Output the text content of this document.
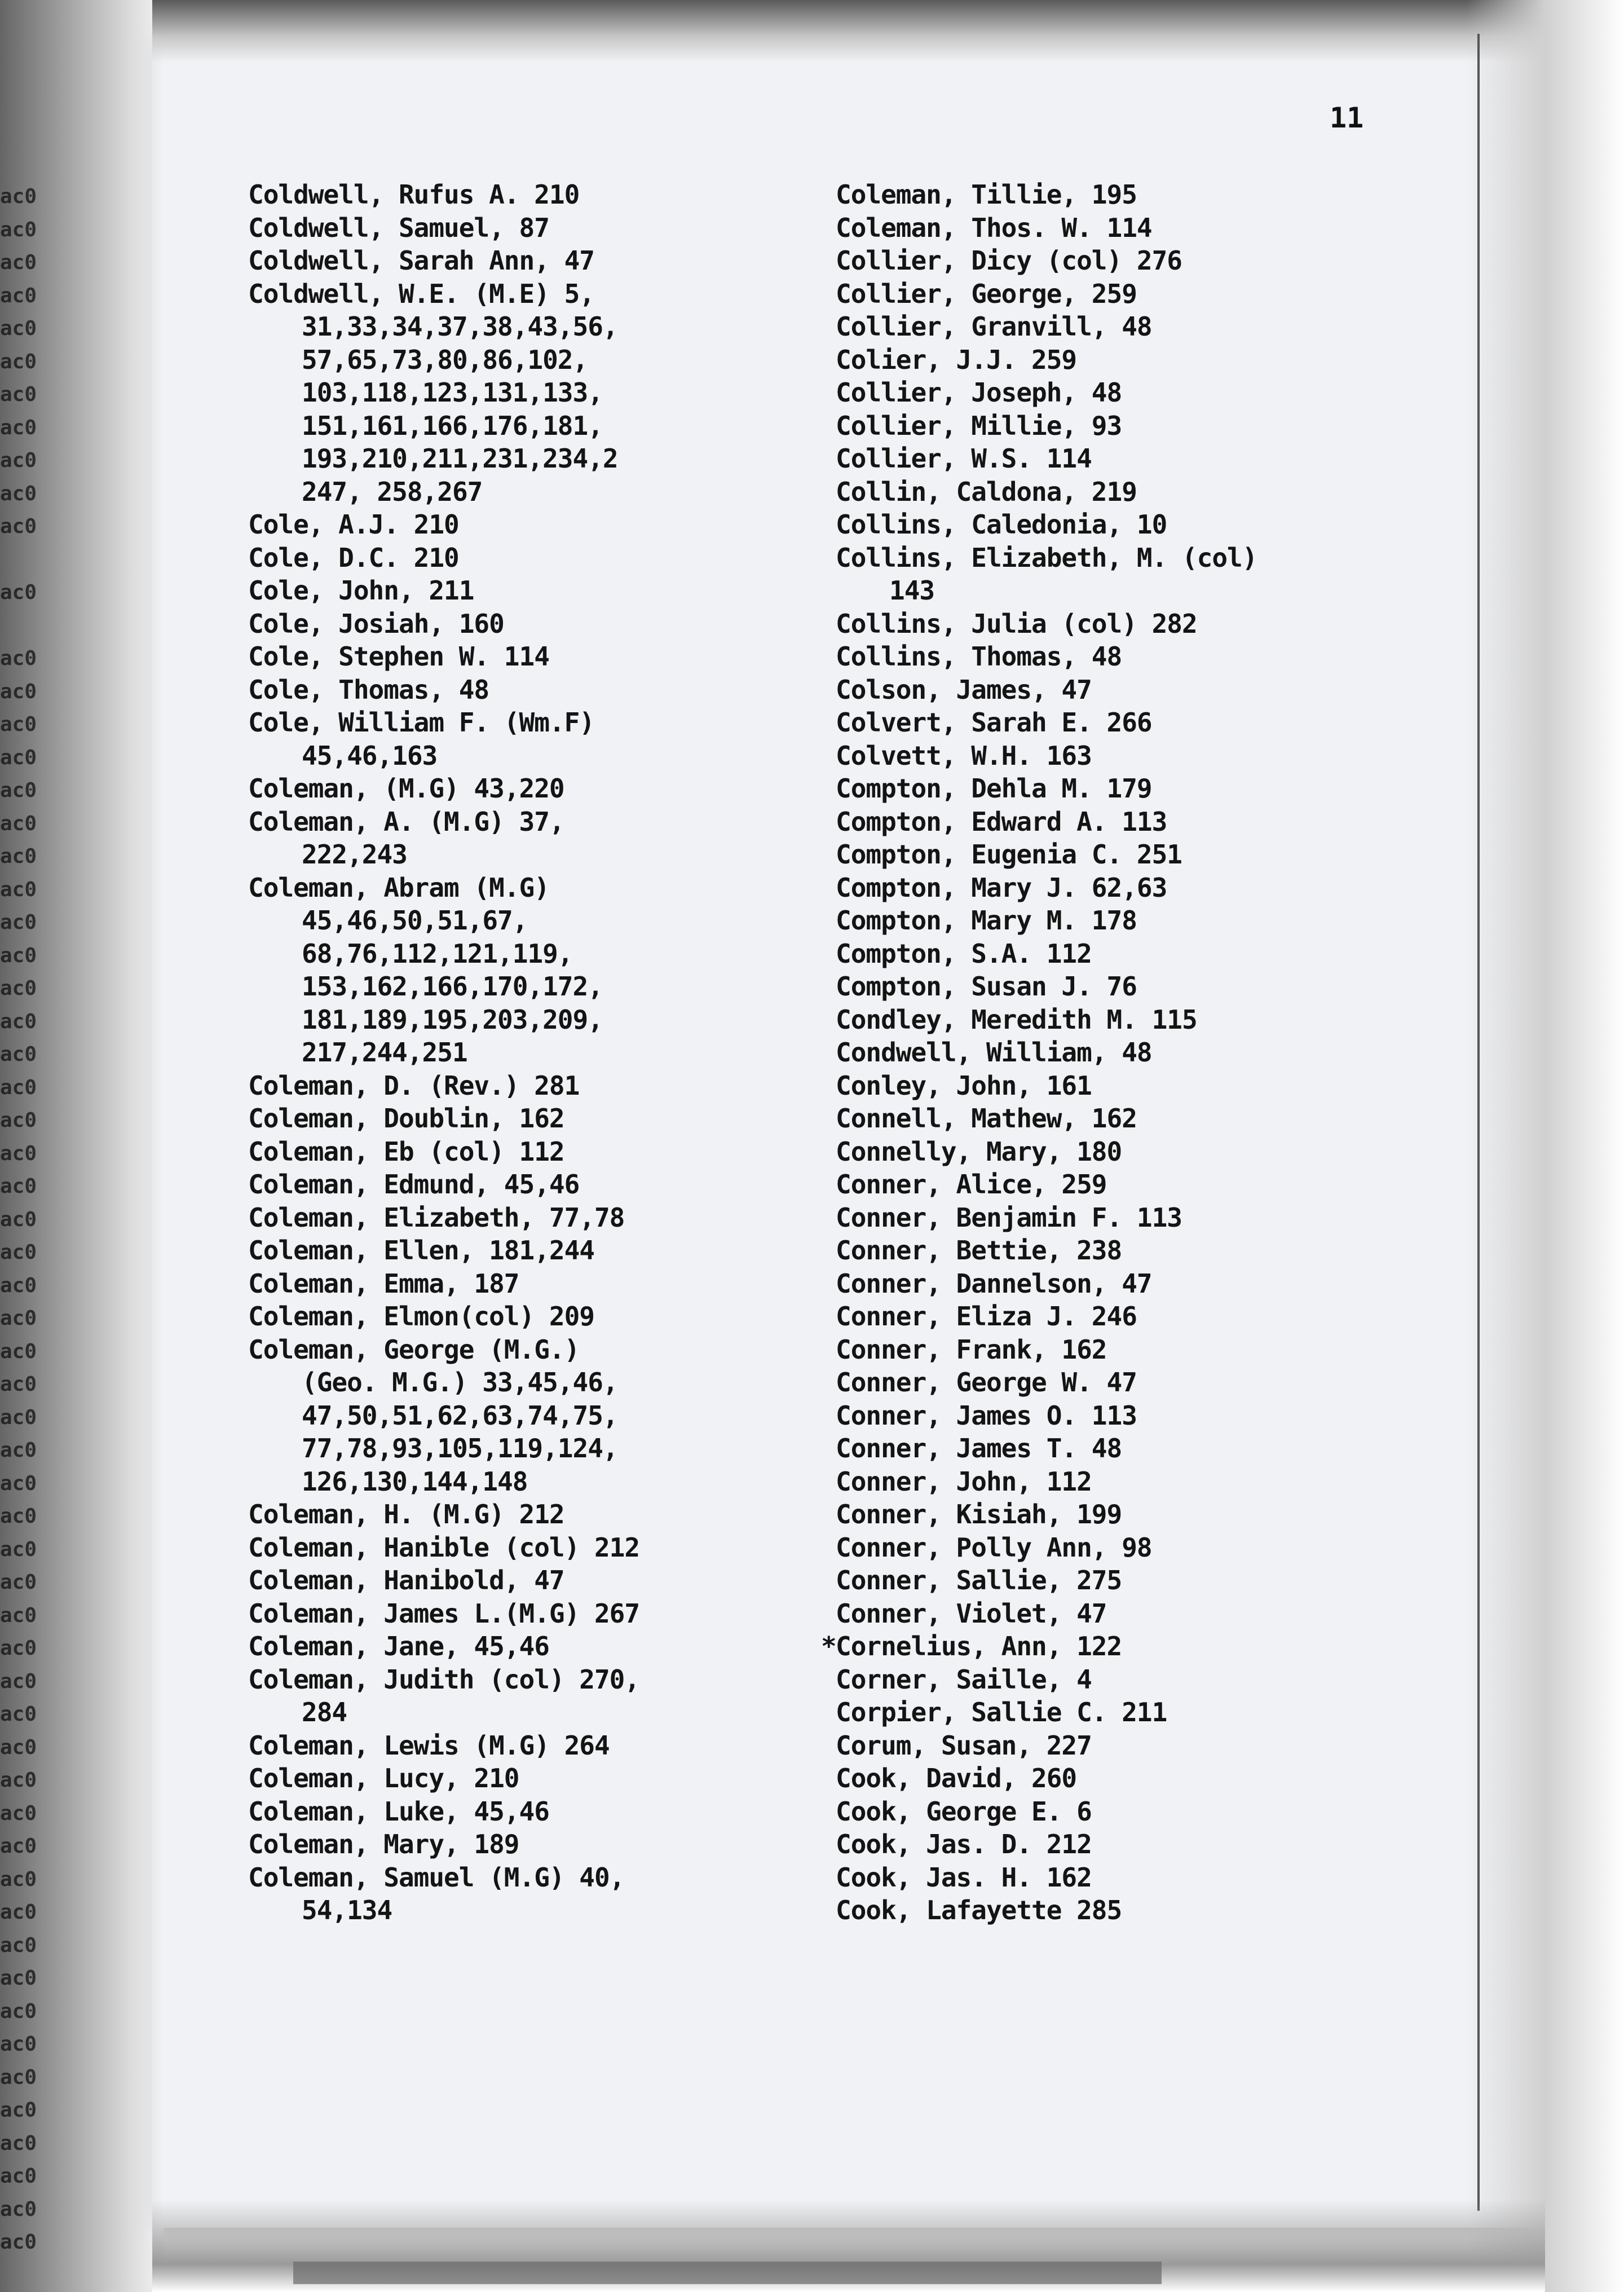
ac0
ac0
ac0
ac0
ac0
ac0
ac0
ac0
ac0
ac0
ac0
ac0
ac0
ac0
ac0
ac0
ac0
ac0
ac0
ac0
ac0
ac0
ac0
ac0
ac0
ac0
ac0
ac0
ac0
ac0
ac0
ac0
ac0
ac0
ac0
ac0
ac0
ac0
ac0
ac0
ac0
ac0
ac0
ac0
ac0
ac0
ac0
ac0
ac0
ac0
ac0
ac0
ac0
ac0
ac0
ac0
ac0
ac0
ac0
ac0
ac0
11
Coldwell, Rufus A. 210
Coldwell, Samuel, 87
Coldwell, Sarah Ann, 47
Coldwell, W.E. (M.E) 5,
31,33,34,37,38,43,56,
57,65,73,80,86,102,
103,118,123,131,133,
151,161,166,176,181,
193,210,211,231,234,2
247, 258,267
Cole, A.J. 210
Cole, D.C. 210
Cole, John, 211
Cole, Josiah, 160
Cole, Stephen W. 114
Cole, Thomas, 48
Cole, William F. (Wm.F)
45,46,163
Coleman, (M.G) 43,220
Coleman, A. (M.G) 37,
222,243
Coleman, Abram (M.G)
45,46,50,51,67,
68,76,112,121,119,
153,162,166,170,172,
181,189,195,203,209,
217,244,251
Coleman, D. (Rev.) 281
Coleman, Doublin, 162
Coleman, Eb (col) 112
Coleman, Edmund, 45,46
Coleman, Elizabeth, 77,78
Coleman, Ellen, 181,244
Coleman, Emma, 187
Coleman, Elmon(col) 209
Coleman, George (M.G.)
(Geo. M.G.) 33,45,46,
47,50,51,62,63,74,75,
77,78,93,105,119,124,
126,130,144,148
Coleman, H. (M.G) 212
Coleman, Hanible (col) 212
Coleman, Hanibold, 47
Coleman, James L.(M.G) 267
Coleman, Jane, 45,46
Coleman, Judith (col) 270,
284
Coleman, Lewis (M.G) 264
Coleman, Lucy, 210
Coleman, Luke, 45,46
Coleman, Mary, 189
Coleman, Samuel (M.G) 40,
54,134
Coleman, Tillie, 195
Coleman, Thos. W. 114
Collier, Dicy (col) 276
Collier, George, 259
Collier, Granvill, 48
Colier, J.J. 259
Collier, Joseph, 48
Collier, Millie, 93
Collier, W.S. 114
Collin, Caldona, 219
Collins, Caledonia, 10
Collins, Elizabeth, M. (col)
143
Collins, Julia (col) 282
Collins, Thomas, 48
Colson, James, 47
Colvert, Sarah E. 266
Colvett, W.H. 163
Compton, Dehla M. 179
Compton, Edward A. 113
Compton, Eugenia C. 251
Compton, Mary J. 62,63
Compton, Mary M. 178
Compton, S.A. 112
Compton, Susan J. 76
Condley, Meredith M. 115
Condwell, William, 48
Conley, John, 161
Connell, Mathew, 162
Connelly, Mary, 180
Conner, Alice, 259
Conner, Benjamin F. 113
Conner, Bettie, 238
Conner, Dannelson, 47
Conner, Eliza J. 246
Conner, Frank, 162
Conner, George W. 47
Conner, James O. 113
Conner, James T. 48
Conner, John, 112
Conner, Kisiah, 199
Conner, Polly Ann, 98
Conner, Sallie, 275
Conner, Violet, 47
* Cornelius, Ann, 122
Corner, Saille, 4
Corpier, Sallie C. 211
Corum, Susan, 227
Cook, David, 260
Cook, George E. 6
Cook, Jas. D. 212
Cook, Jas. H. 162
Cook, Lafayette 285
